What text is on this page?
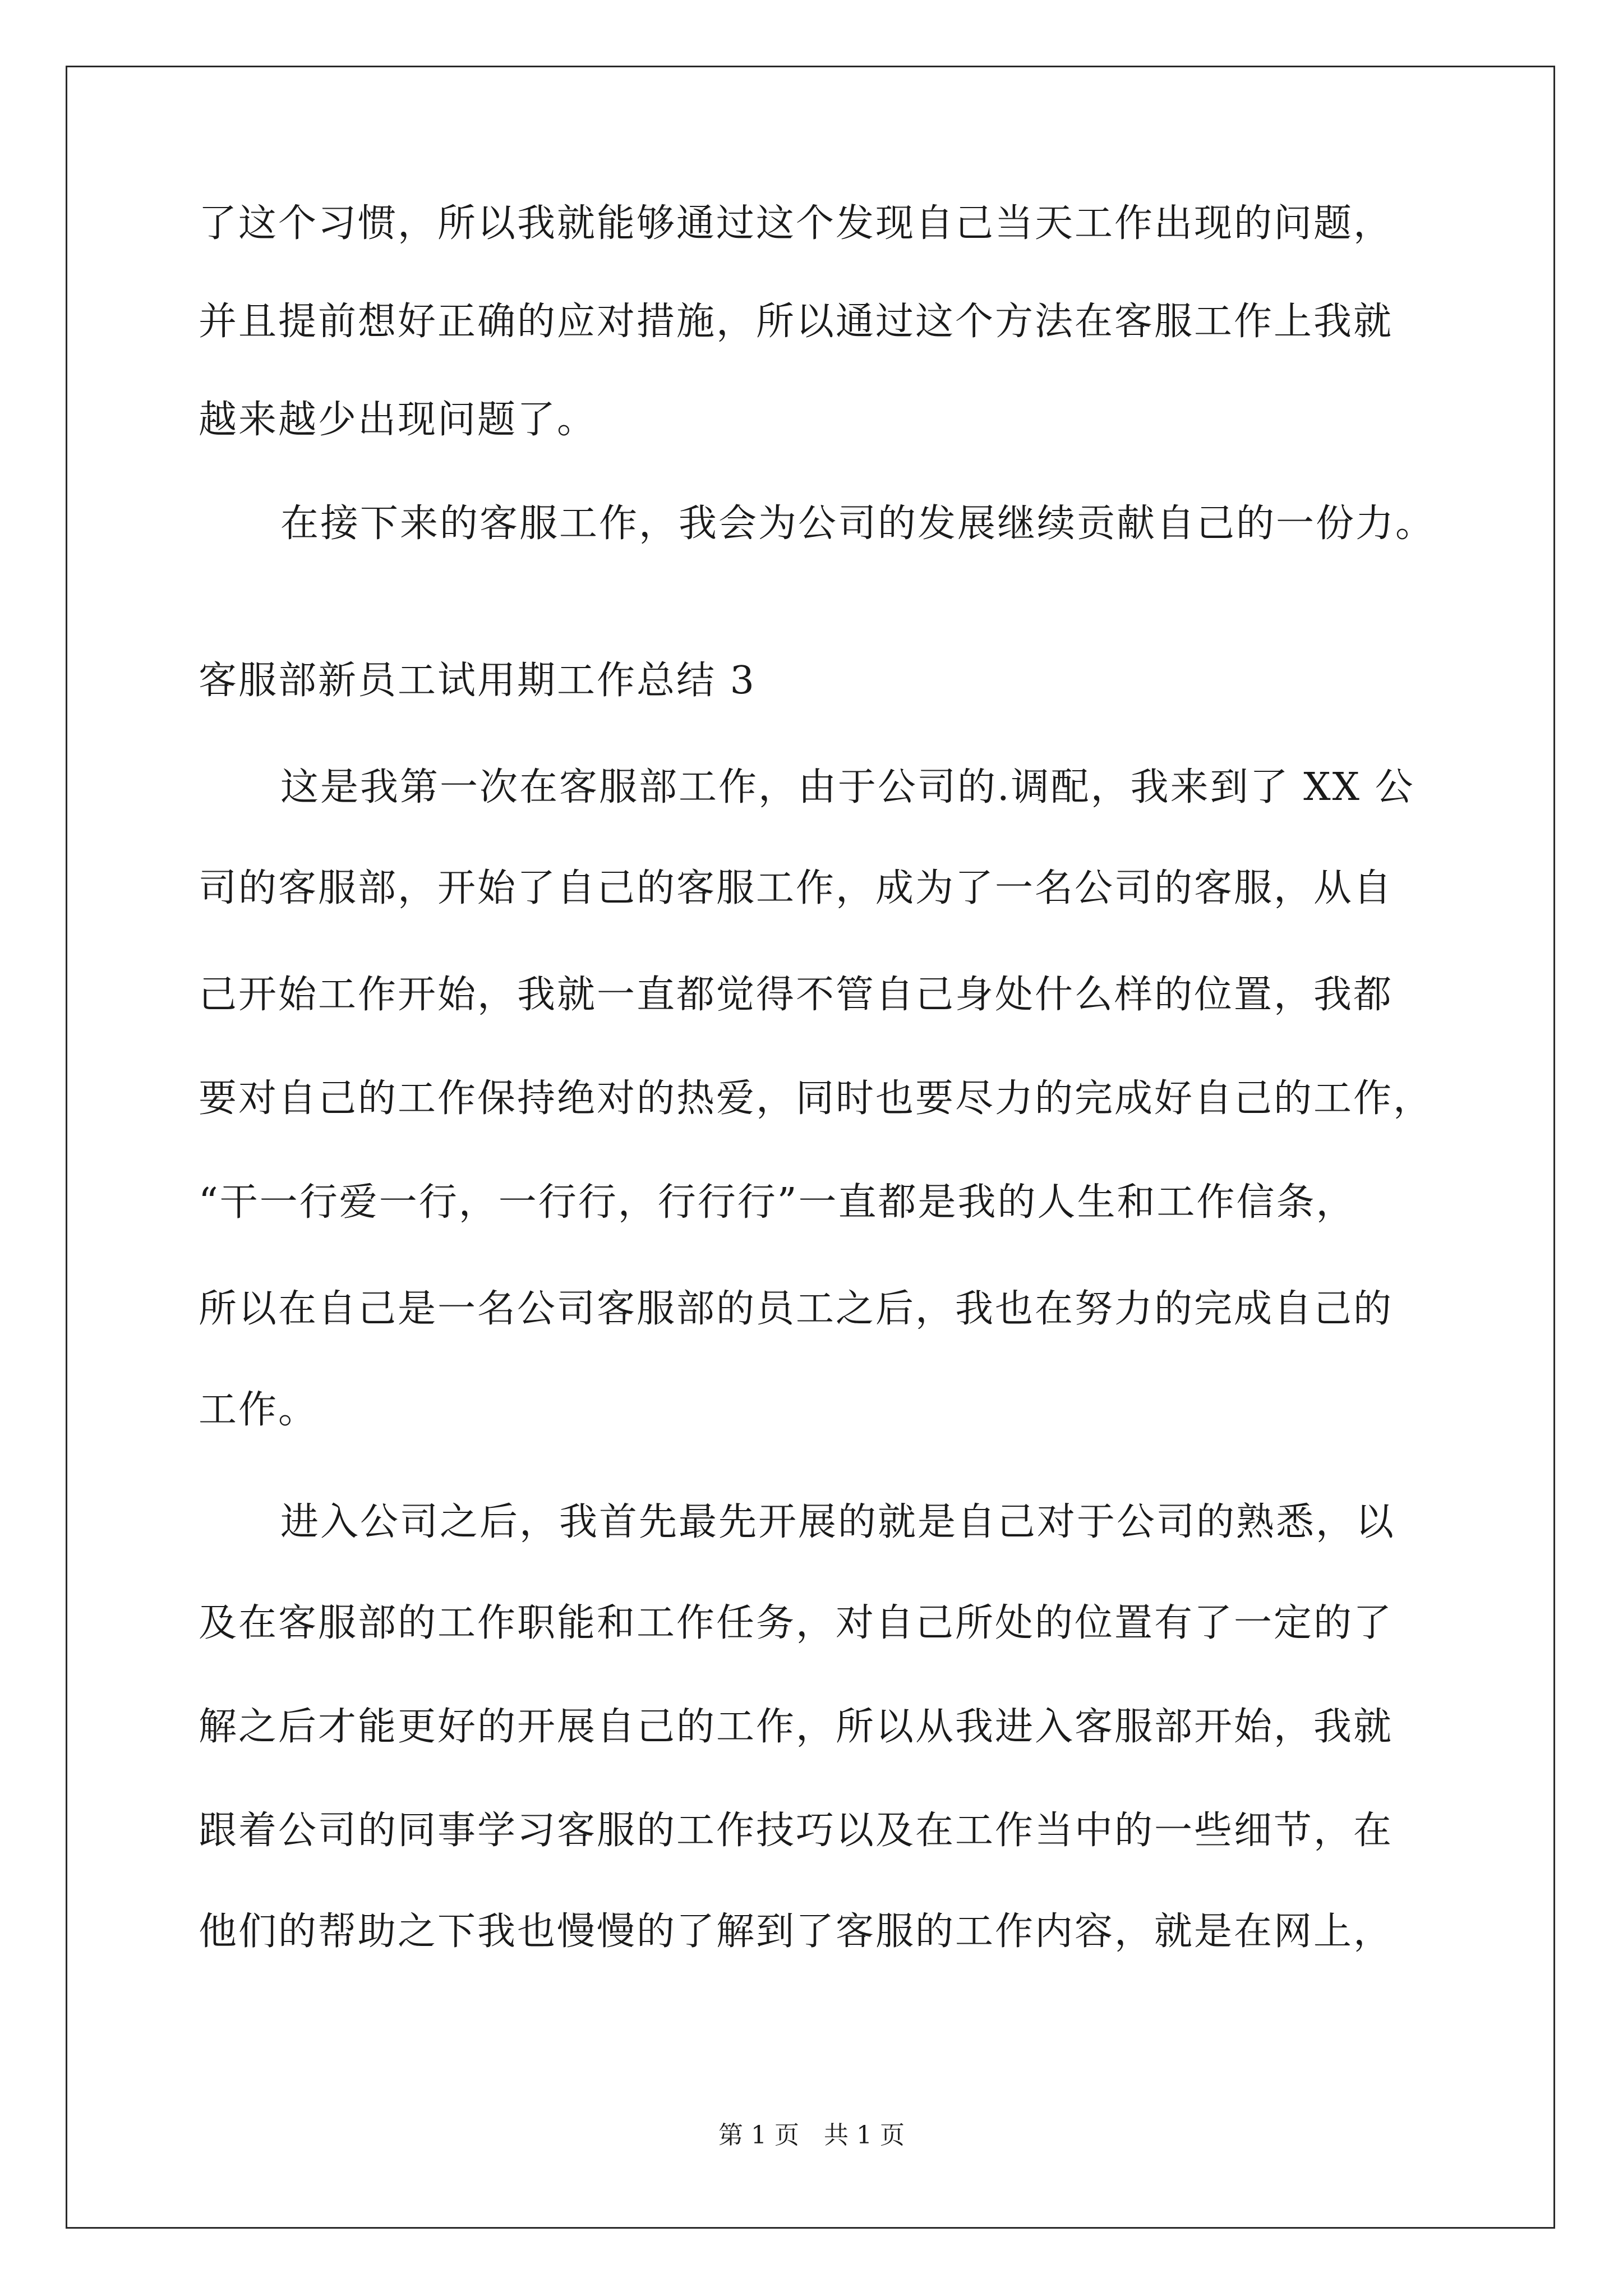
了这个习惯，所以我就能够通过这个发现自己当天工作出现的问题，
并且提前想好正确的应对措施，所以通过这个方法在客服工作上我就
越来越少出现问题了。
在接下来的客服工作，我会为公司的发展继续贡献自己的一份力。
客服部新员工试用期工作总结 3
这是我第一次在客服部工作，由于公司的.调配，我来到了 XX 公
司的客服部，开始了自己的客服工作，成为了一名公司的客服，从自
己开始工作开始，我就一直都觉得不管自己身处什么样的位置，我都
要对自己的工作保持绝对的热爱，同时也要尽力的完成好自己的工作，
“干一行爱一行，一行行，行行行”一直都是我的人生和工作信条，
所以在自己是一名公司客服部的员工之后，我也在努力的完成自己的
工作。
进入公司之后，我首先最先开展的就是自己对于公司的熟悉，以
及在客服部的工作职能和工作任务，对自己所处的位置有了一定的了
解之后才能更好的开展自己的工作，所以从我进入客服部开始，我就
跟着公司的同事学习客服的工作技巧以及在工作当中的一些细节，在
他们的帮助之下我也慢慢的了解到了客服的工作内容，就是在网上，
第 1 页　共 1 页
